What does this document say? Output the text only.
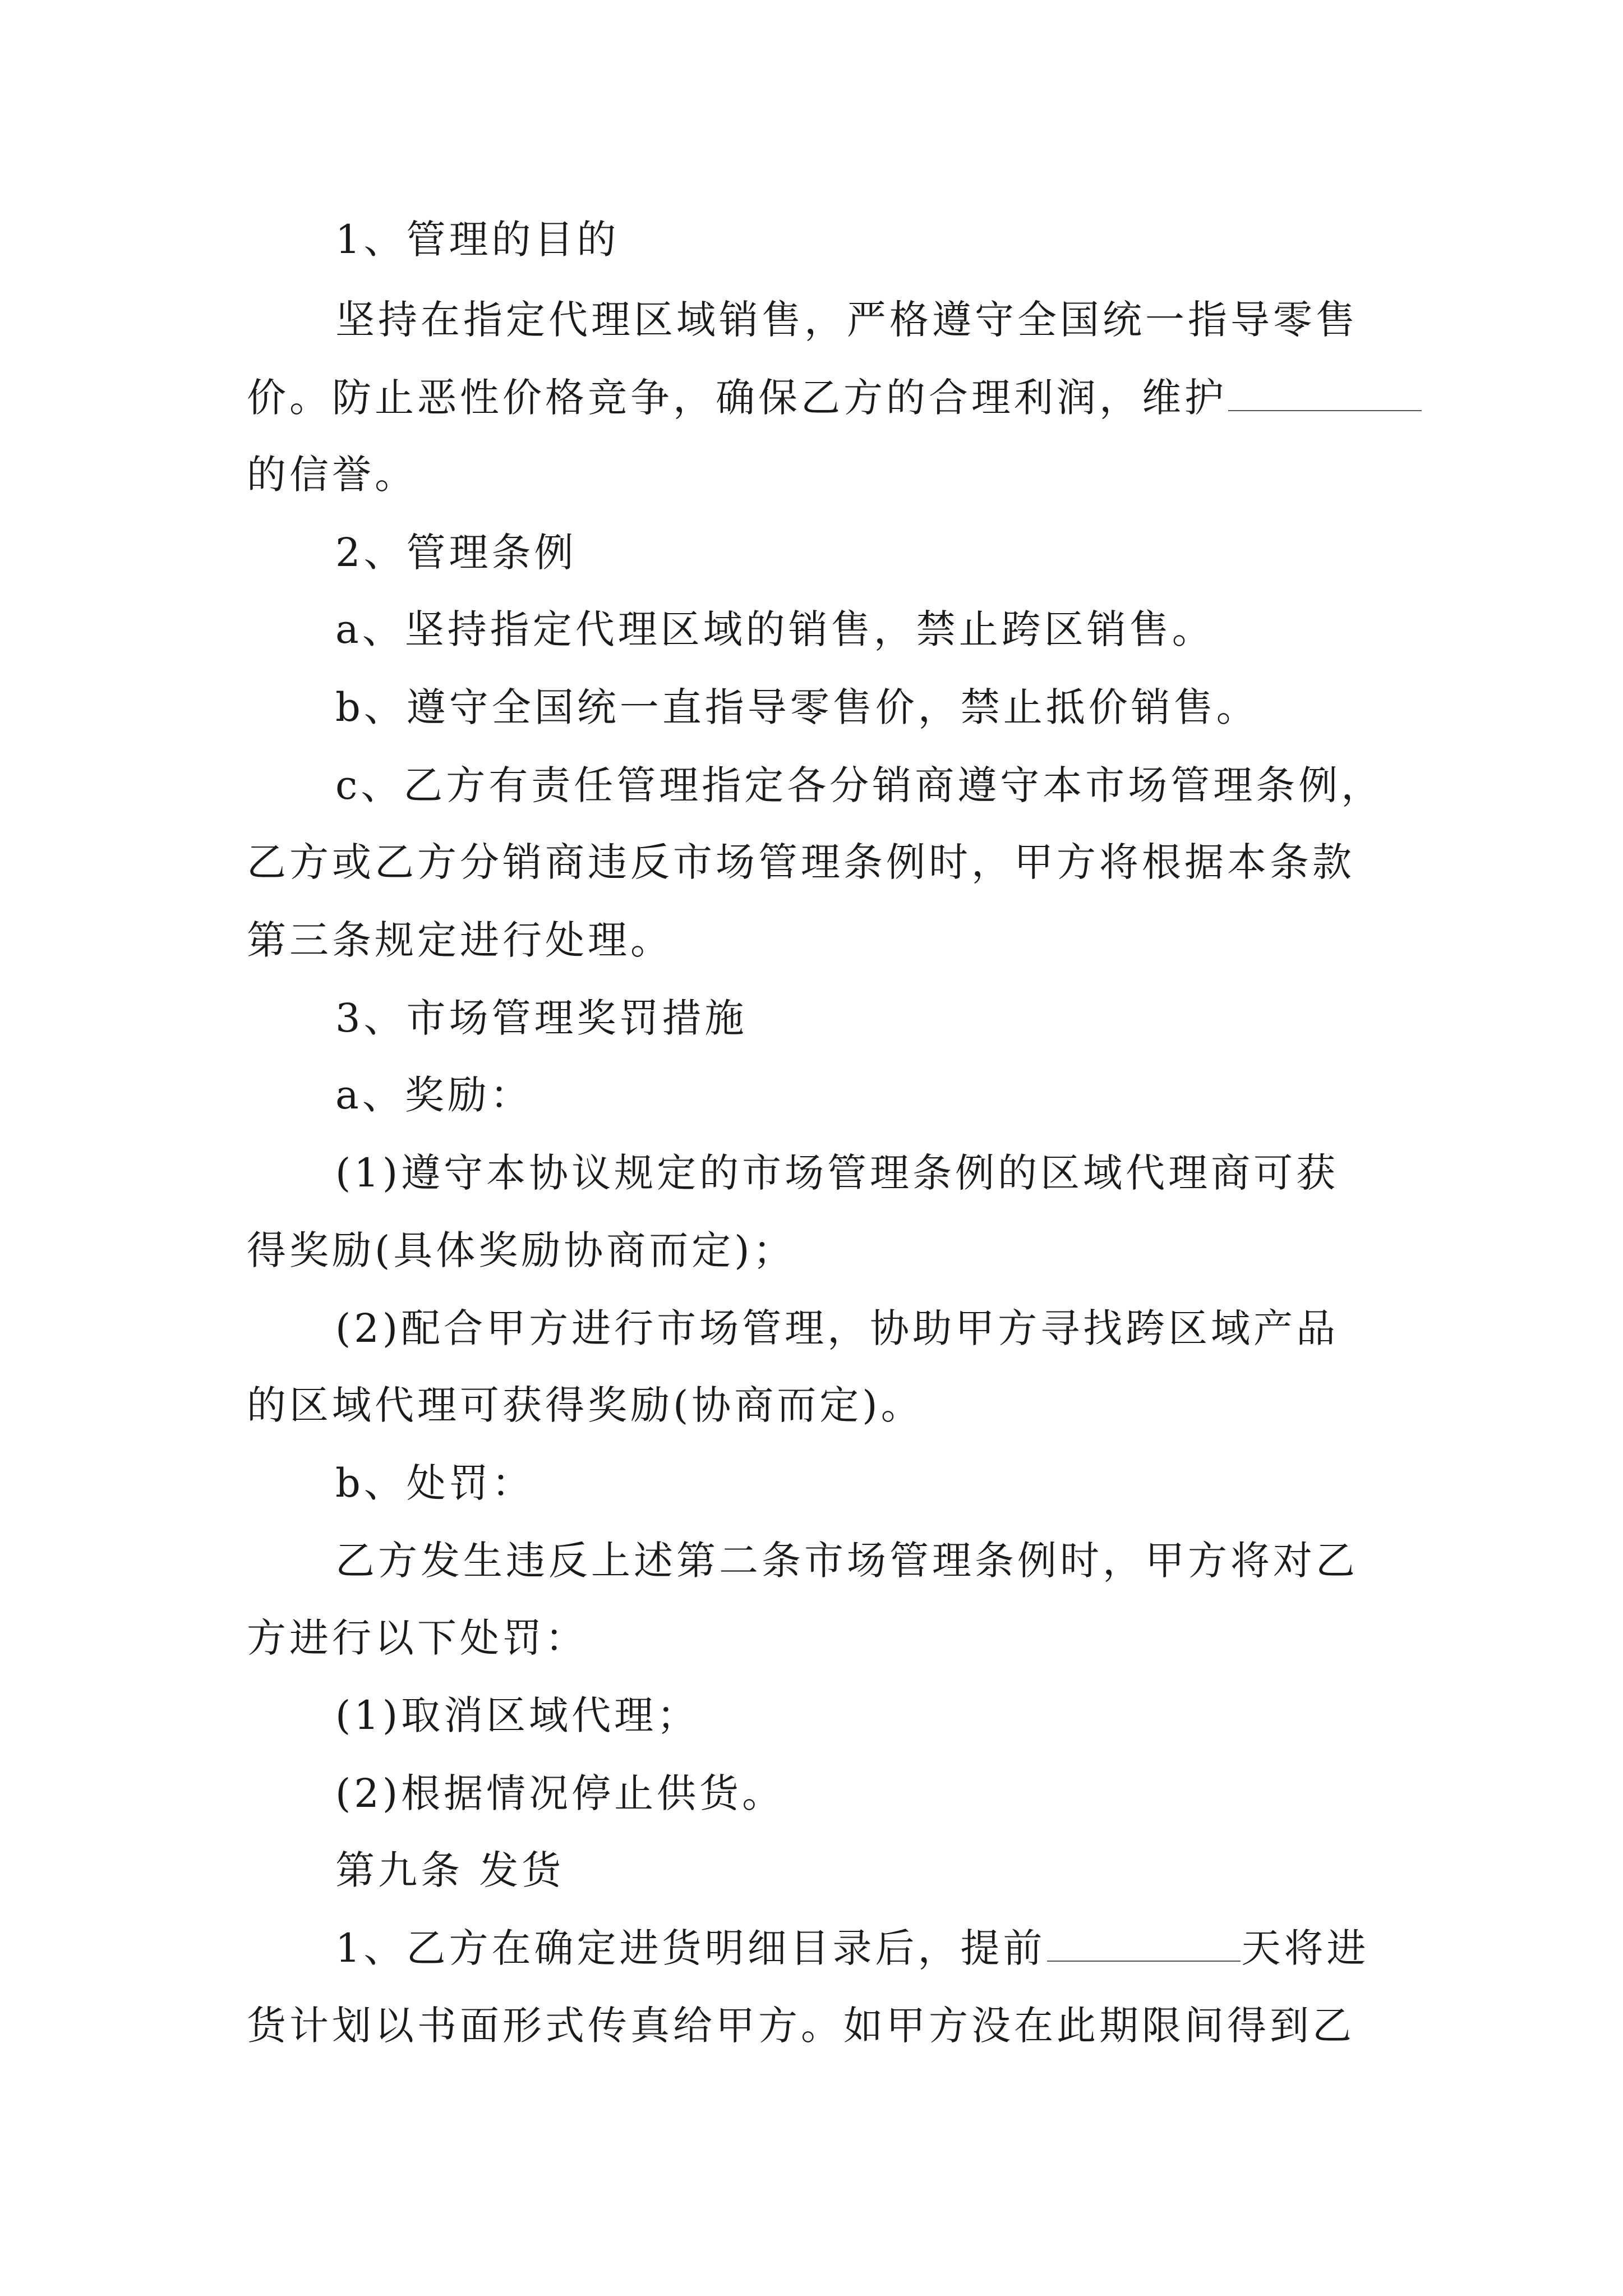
1、管理的目的
坚持在指定代理区域销售，严格遵守全国统一指导零售
价。防止恶性价格竞争，确保乙方的合理利润，维护
的信誉。
2、管理条例
a、坚持指定代理区域的销售，禁止跨区销售。
b、遵守全国统一直指导零售价，禁止抵价销售。
c、乙方有责任管理指定各分销商遵守本市场管理条例，
乙方或乙方分销商违反市场管理条例时，甲方将根据本条款
第三条规定进行处理。
3、市场管理奖罚措施
a、奖励：
(1)遵守本协议规定的市场管理条例的区域代理商可获
得奖励(具体奖励协商而定)；
(2)配合甲方进行市场管理，协助甲方寻找跨区域产品
的区域代理可获得奖励(协商而定)。
b、处罚：
乙方发生违反上述第二条市场管理条例时，甲方将对乙
方进行以下处罚：
(1)取消区域代理；
(2)根据情况停止供货。
第九条 发货
1、乙方在确定进货明细目录后，提前	天将进
货计划以书面形式传真给甲方。如甲方没在此期限间得到乙
